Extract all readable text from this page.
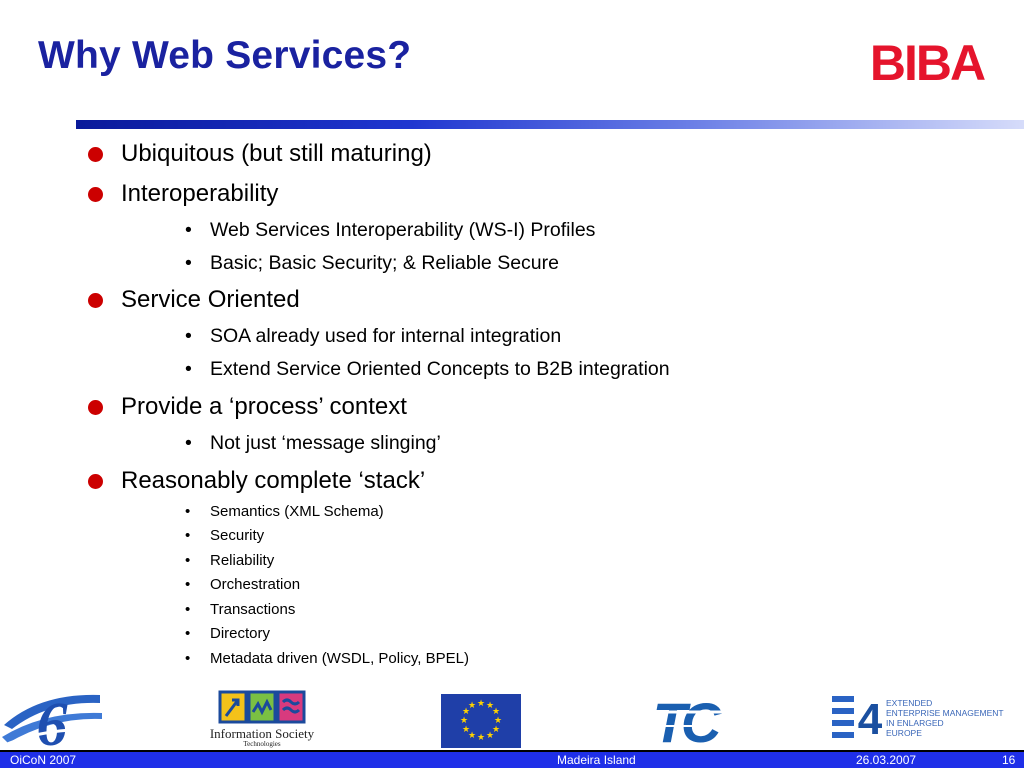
Why Web Services?	BIBA
Ubiquitous (but still maturing)
Interoperability
• Web Services Interoperability (WS-I) Profiles
• Basic; Basic Security; & Reliable Secure
Service Oriented
• SOA already used for internal integration
• Extend Service Oriented Concepts to B2B integration
Provide a ‘process’ context
• Not just ‘message slinging’
Reasonably complete ‘stack’
• Semantics (XML Schema)
• Security
• Reliability
• Orchestration
• Transactions
• Directory
• Metadata driven (WSDL, Policy, BPEL)
6	Information Society
Technologies
★ ★
★
★
★
★
★
★
★
★
★
★	TC	4 EXTENDED
ENTERPRISE MANAGEMENT
IN ENLARGED
EUROPE
OiCoN 2007	Madeira Island	26.03.2007	16
